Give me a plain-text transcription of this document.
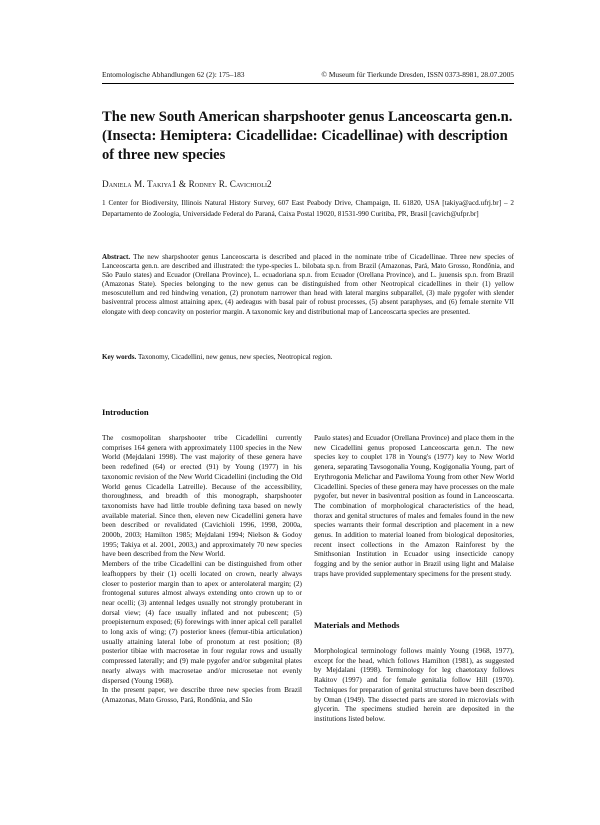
Entomologische Abhandlungen 62 (2): 175–183	© Museum für Tierkunde Dresden, ISSN 0373-8981, 28.07.2005
The new South American sharpshooter genus Lanceoscarta gen.n. (Insecta: Hemiptera: Cicadellidae: Cicadellinae) with description of three new species
Daniela M. Takiya1 & Rodney R. Cavichioli2
1 Center for Biodiversity, Illinois Natural History Survey, 607 East Peabody Drive, Champaign, IL 61820, USA [takiya@acd.ufrj.br] – 2 Departamento de Zoologia, Universidade Federal do Paraná, Caixa Postal 19020, 81531-990 Curitiba, PR, Brasil [cavich@ufpr.br]

Abstract. The new sharpshooter genus Lanceoscarta is described and placed in the nominate tribe of Cicadellinae. Three new species of Lanceoscarta gen.n. are described and illustrated: the type-species L. bilobata sp.n. from Brazil (Amazonas, Pará, Mato Grosso, Rondônia, and São Paulo states) and Ecuador (Orellana Province), L. ecuadoriana sp.n. from Ecuador (Orellana Province), and L. juuensis sp.n. from Brazil (Amazonas State). Species belonging to the new genus can be distinguished from other Neotropical cicadellines in their (1) yellow mesoscutellum and red hindwing venation, (2) pronotum narrower than head with lateral margins subparallel, (3) male pygofer with slender basiventral process almost attaining apex, (4) aedeagus with basal pair of robust processes, (5) absent paraphyses, and (6) female sternite VII elongate with deep concavity on posterior margin. A taxonomic key and distributional map of Lanceoscarta species are presented.

Key words. Taxonomy, Cicadellini, new genus, new species, Neotropical region.

Introduction

The cosmopolitan sharpshooter tribe Cicadellini currently comprises 164 genera with approximately 1100 species in the New World (Mejdalani 1998). The vast majority of these genera have been redefined (64) or erected (91) by Young (1977) in his taxonomic revision of the New World Cicadellini (including the Old World genus Cicadella Latreille). Because of the accessibility, thoroughness, and breadth of this monograph, sharpshooter taxonomists have had little trouble defining taxa based on newly available material. Since then, eleven new Cicadellini genera have been described or revalidated (Cavichioli 1996, 1998, 2000a, 2000b, 2003; Hamilton 1985; Mejdalani 1994; Nielson & Godoy 1995; Takiya et al. 2001, 2003,) and approximately 70 new species have been described from the New World.

Members of the tribe Cicadellini can be distinguished from other leafhoppers by their (1) ocelli located on crown, nearly always closer to posterior margin than to apex or anterolateral margin; (2) frontogenal sutures almost always extending onto crown up to or near ocelli; (3) antennal ledges usually not strongly protuberant in dorsal view; (4) face usually inflated and not pubescent; (5) proepisternum exposed; (6) forewings with inner apical cell parallel to long axis of wing; (7) posterior knees (femur-tibia articulation) usually attaining lateral lobe of pronotum at rest position; (8) posterior tibiae with macrosetae in four regular rows and usually compressed laterally; and (9) male pygofer and/or subgenital plates nearly always with macrosetae and/or microsetae not evenly dispersed (Young 1968).

In the present paper, we describe three new species from Brazil (Amazonas, Mato Grosso, Pará, Rondônia, and São

Paulo states) and Ecuador (Orellana Province) and place them in the new Cicadellini genus proposed Lanceoscarta gen.n. The new species key to couplet 178 in Young's (1977) key to New World genera, separating Tavsogonalia Young, Kogigonalia Young, part of Erythrogonia Melichar and Pawiloma Young from other New World Cicadellini. Species of these genera may have processes on the male pygofer, but never in basiventral position as found in Lanceoscarta. The combination of morphological characteristics of the head, thorax and genital structures of males and females found in the new species warrants their formal description and placement in a new genus. In addition to material loaned from biological depositories, recent insect collections in the Amazon Rainforest by the Smithsonian Institution in Ecuador using insecticide canopy fogging and by the senior author in Brazil using light and Malaise traps have provided supplementary specimens for the present study.

Materials and Methods

Morphological terminology follows mainly Young (1968, 1977), except for the head, which follows Hamilton (1981), as suggested by Mejdalani (1998). Terminology for leg chaetotaxy follows Rakitov (1997) and for female genitalia follow Hill (1970). Techniques for preparation of genital structures have been described by Oman (1949). The dissected parts are stored in microvials with glycerin. The specimens studied herein are deposited in the institutions listed below.
